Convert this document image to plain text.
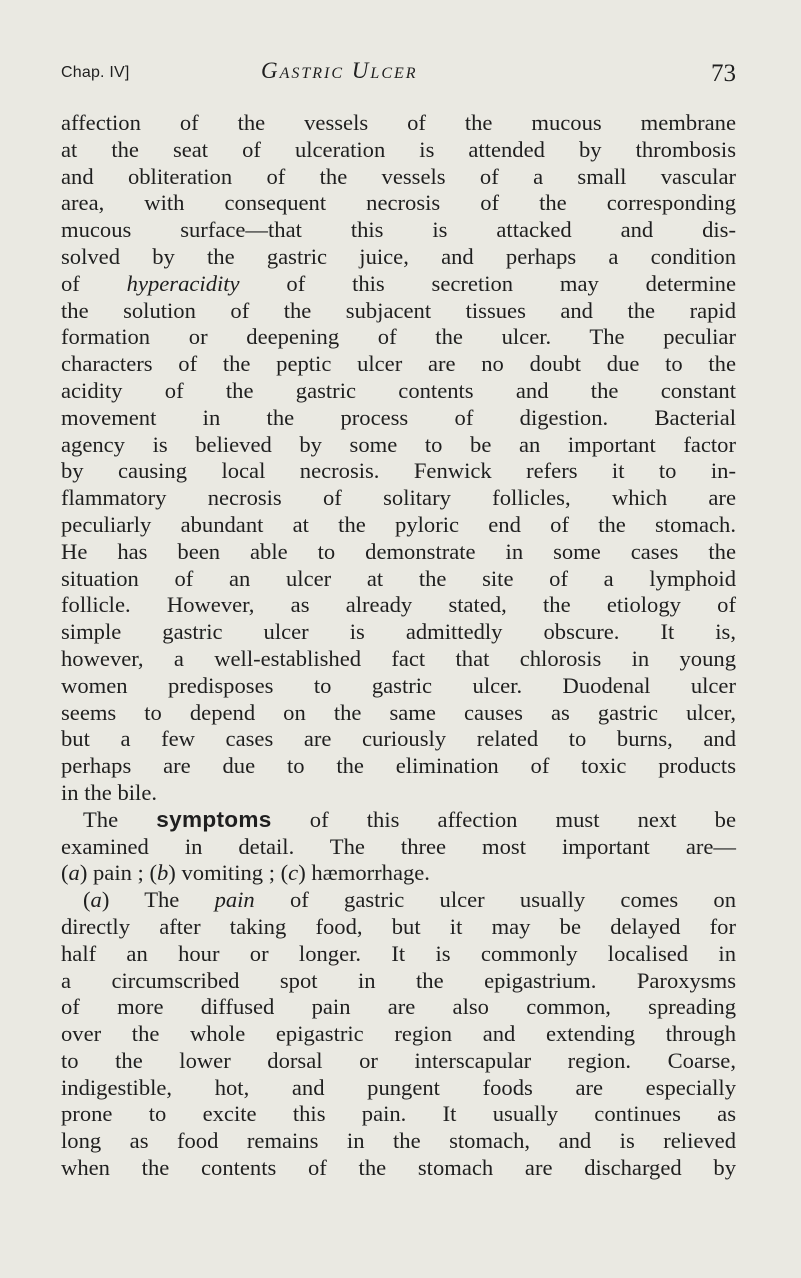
Chap. IV]	Gastric Ulcer	73
affection of the vessels of the mucous membrane
at the seat of ulceration is attended by thrombosis
and obliteration of the vessels of a small vascular
area, with consequent necrosis of the corresponding
mucous surface—that this is attacked and dis-
solved by the gastric juice, and perhaps a condition
of hyperacidity of this secretion may determine
the solution of the subjacent tissues and the rapid
formation or deepening of the ulcer. The peculiar
characters of the peptic ulcer are no doubt due to the
acidity of the gastric contents and the constant
movement in the process of digestion. Bacterial
agency is believed by some to be an important factor
by causing local necrosis. Fenwick refers it to in-
flammatory necrosis of solitary follicles, which are
peculiarly abundant at the pyloric end of the stomach.
He has been able to demonstrate in some cases the
situation of an ulcer at the site of a lymphoid
follicle. However, as already stated, the etiology of
simple gastric ulcer is admittedly obscure. It is,
however, a well-established fact that chlorosis in young
women predisposes to gastric ulcer. Duodenal ulcer
seems to depend on the same causes as gastric ulcer,
but a few cases are curiously related to burns, and
perhaps are due to the elimination of toxic products
in the bile.
The symptoms of this affection must next be
examined in detail. The three most important are—
(a) pain ; (b) vomiting ; (c) hæmorrhage.
(a) The pain of gastric ulcer usually comes on
directly after taking food, but it may be delayed for
half an hour or longer. It is commonly localised in
a circumscribed spot in the epigastrium. Paroxysms
of more diffused pain are also common, spreading
over the whole epigastric region and extending through
to the lower dorsal or interscapular region. Coarse,
indigestible, hot, and pungent foods are especially
prone to excite this pain. It usually continues as
long as food remains in the stomach, and is relieved
when the contents of the stomach are discharged by
